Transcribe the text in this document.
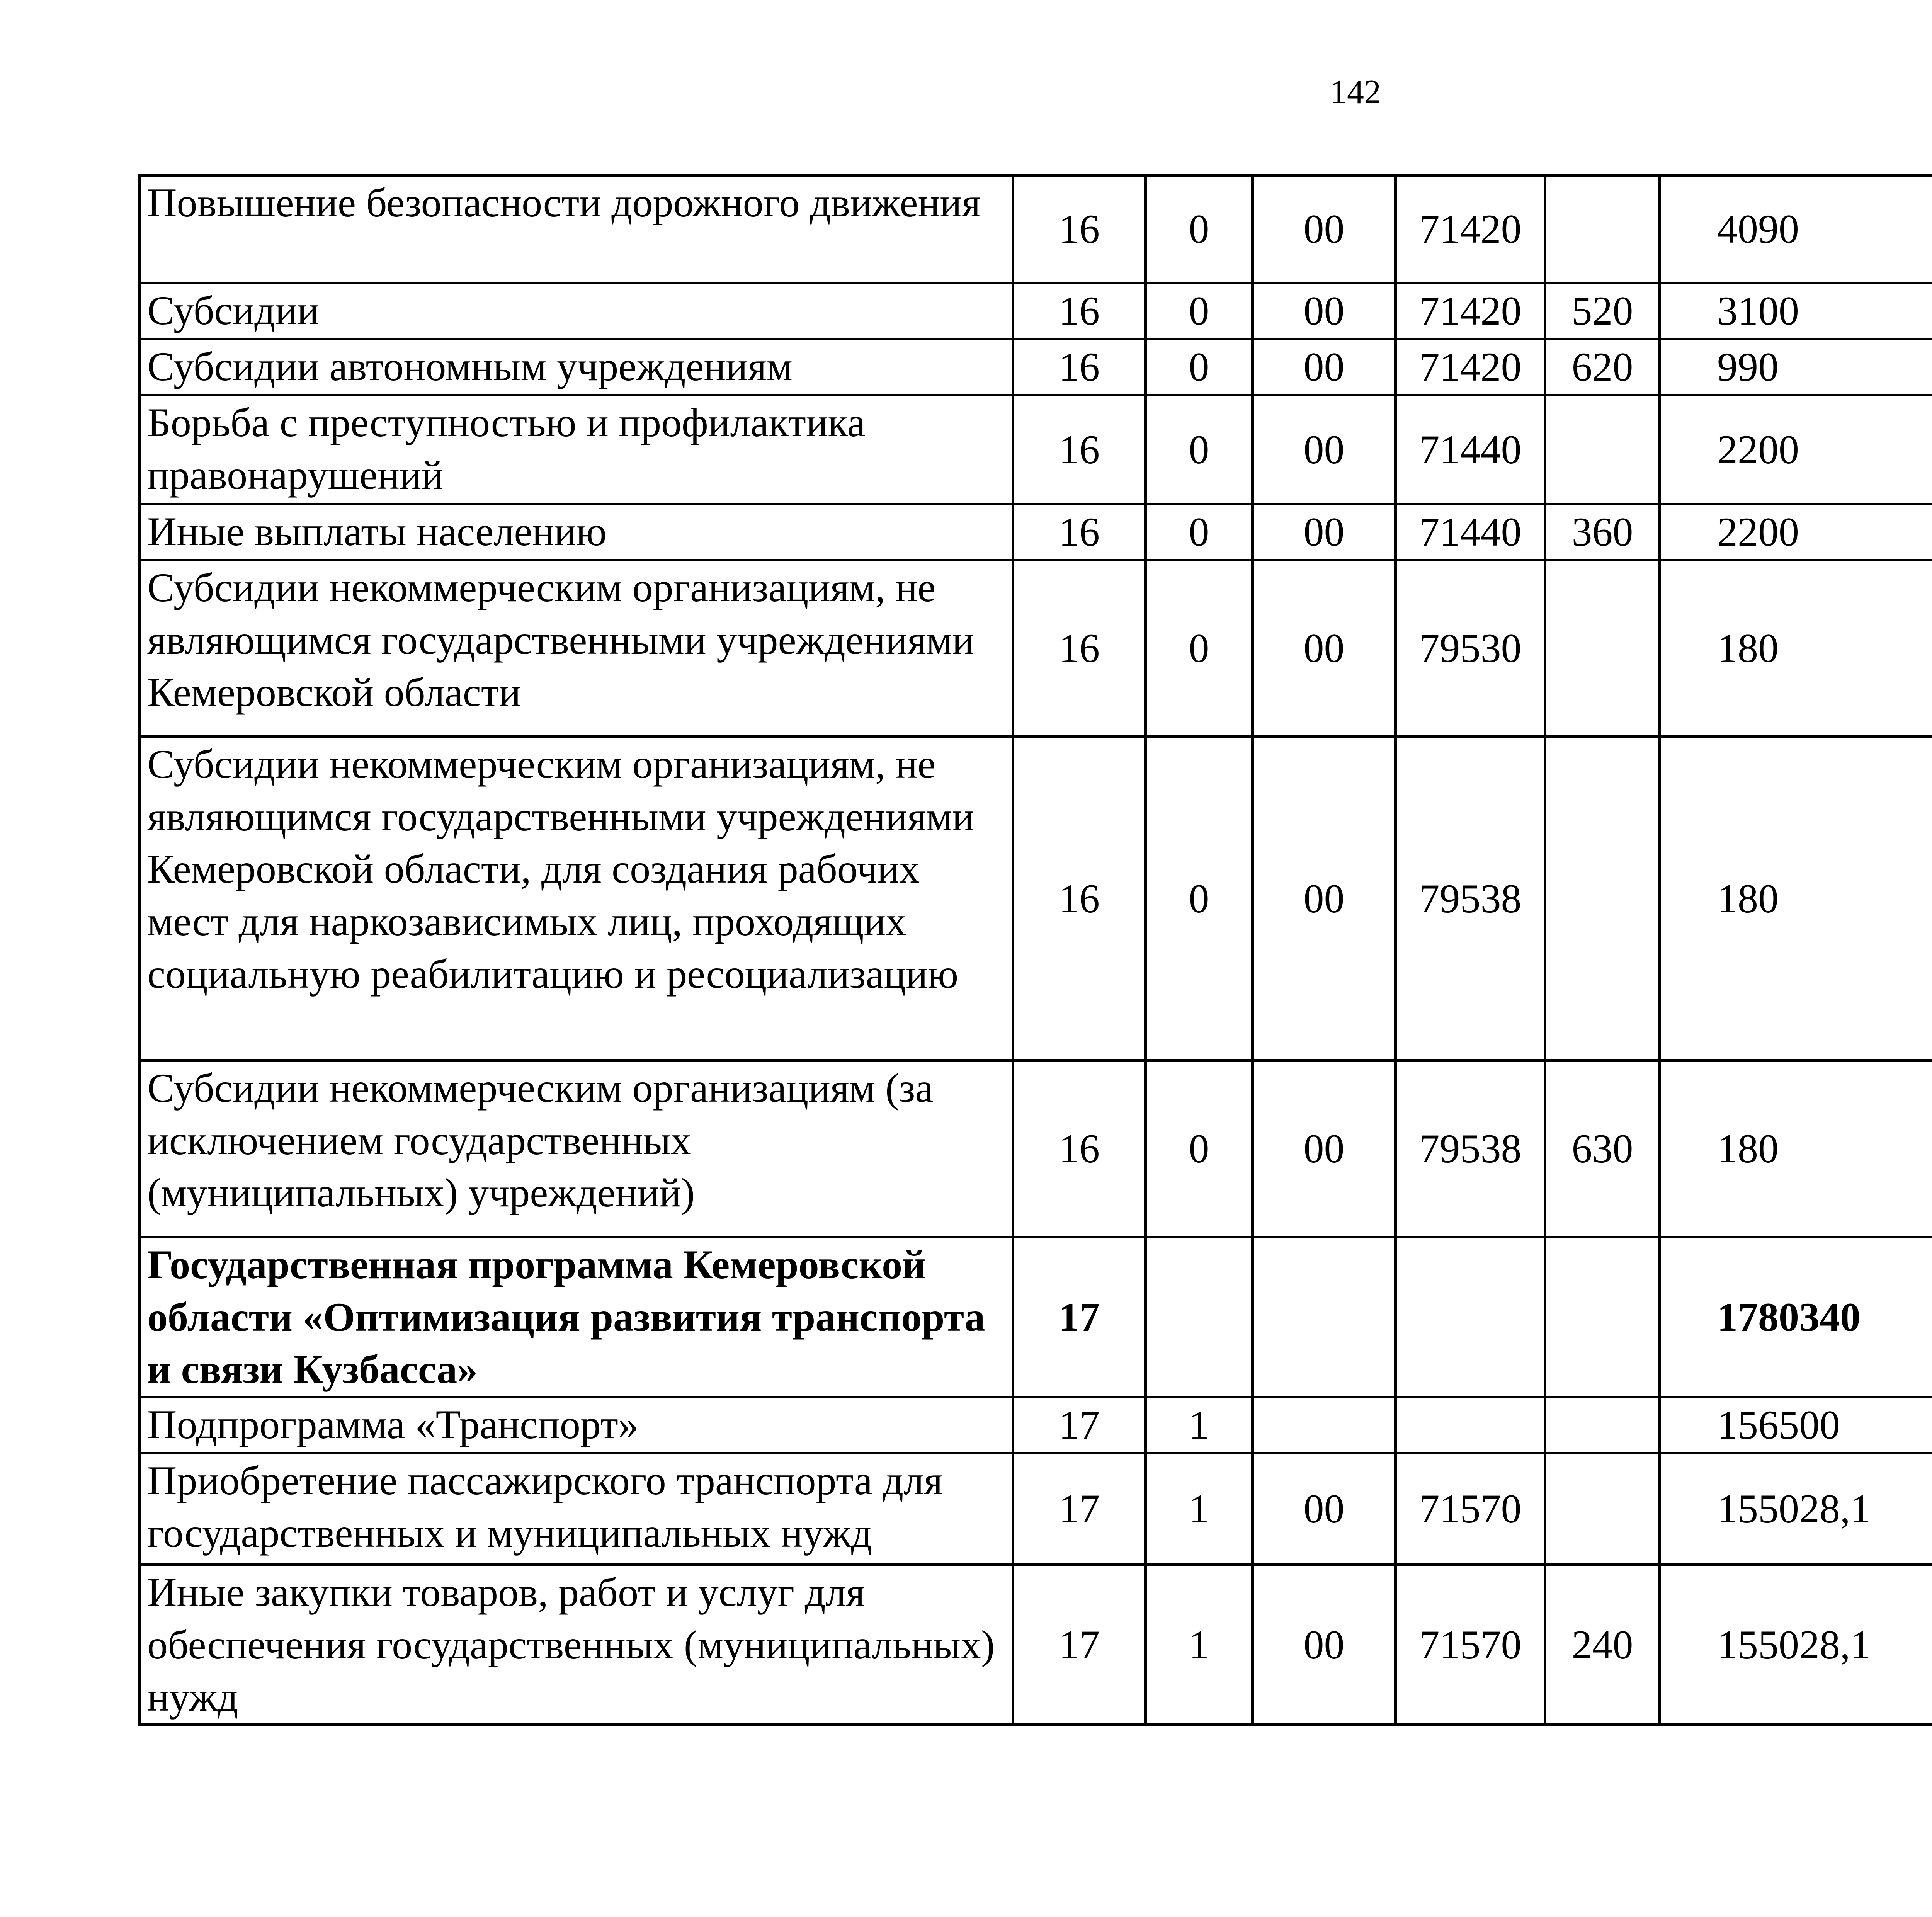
142
Повышение безопасности дорожного движения	16	0	00	71420		4090		
Субсидии	16	0	00	71420	520	3100		
Субсидии автономным учреждениям	16	0	00	71420	620	990		
Борьба с преступностью и профилактика правонарушений	16	0	00	71440		2200		
Иные выплаты населению	16	0	00	71440	360	2200		
Субсидии некоммерческим организациям, не являющимся государственными учреждениями Кемеровской области	16	0	00	79530		180		
Субсидии некоммерческим организациям, не являющимся государственными учреждениями Кемеровской области, для создания рабочих мест для наркозависимых лиц, проходящих социальную реабилитацию и ресоциализацию	16	0	00	79538		180		
Субсидии некоммерческим организациям (за исключением государственных (муниципальных) учреждений)	16	0	00	79538	630	180		
Государственная программа Кемеровской области «Оптимизация развития транспорта и связи Кузбасса»	17					1780340		
Подпрограмма «Транспорт»	17	1				156500		
Приобретение пассажирского транспорта для государственных и муниципальных нужд	17	1	00	71570		155028,1		
Иные закупки товаров, работ и услуг для обеспечения государственных (муниципальных) нужд	17	1	00	71570	240	155028,1		
